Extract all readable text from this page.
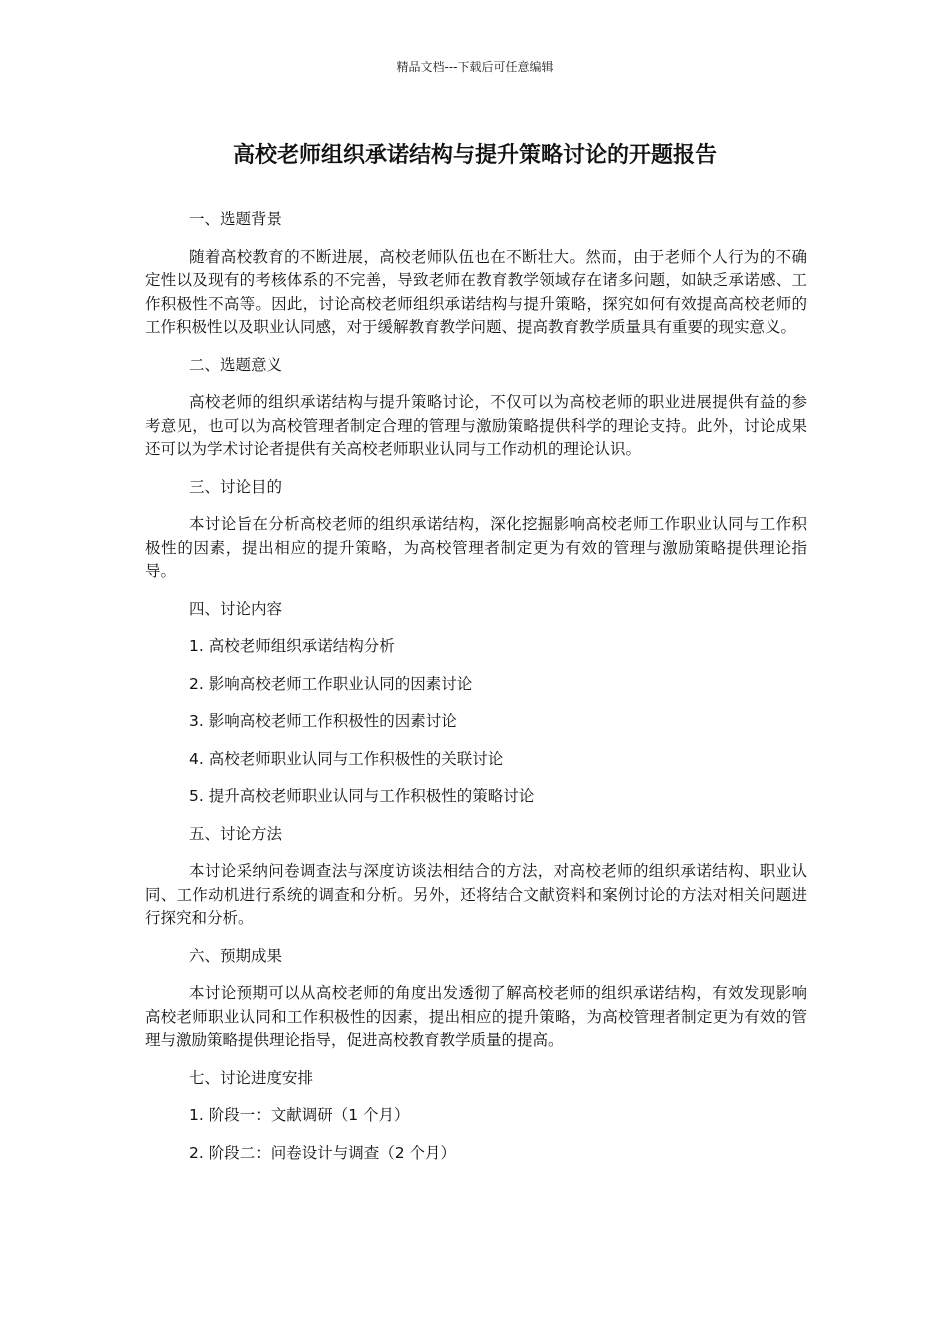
精品文档---下载后可任意编辑
高校老师组织承诺结构与提升策略讨论的开题报告

一、选题背景

随着高校教育的不断进展，高校老师队伍也在不断壮大。然而，由于老师个人行为的不确定性以及现有的考核体系的不完善，导致老师在教育教学领域存在诸多问题，如缺乏承诺感、工作积极性不高等。因此，讨论高校老师组织承诺结构与提升策略，探究如何有效提高高校老师的工作积极性以及职业认同感，对于缓解教育教学问题、提高教育教学质量具有重要的现实意义。

二、选题意义

高校老师的组织承诺结构与提升策略讨论，不仅可以为高校老师的职业进展提供有益的参考意见，也可以为高校管理者制定合理的管理与激励策略提供科学的理论支持。此外，讨论成果还可以为学术讨论者提供有关高校老师职业认同与工作动机的理论认识。

三、讨论目的

本讨论旨在分析高校老师的组织承诺结构，深化挖掘影响高校老师工作职业认同与工作积极性的因素，提出相应的提升策略，为高校管理者制定更为有效的管理与激励策略提供理论指导。

四、讨论内容

1. 高校老师组织承诺结构分析

2. 影响高校老师工作职业认同的因素讨论

3. 影响高校老师工作积极性的因素讨论

4. 高校老师职业认同与工作积极性的关联讨论

5. 提升高校老师职业认同与工作积极性的策略讨论

五、讨论方法

本讨论采纳问卷调查法与深度访谈法相结合的方法，对高校老师的组织承诺结构、职业认同、工作动机进行系统的调查和分析。另外，还将结合文献资料和案例讨论的方法对相关问题进行探究和分析。

六、预期成果

本讨论预期可以从高校老师的角度出发透彻了解高校老师的组织承诺结构，有效发现影响高校老师职业认同和工作积极性的因素，提出相应的提升策略，为高校管理者制定更为有效的管理与激励策略提供理论指导，促进高校教育教学质量的提高。

七、讨论进度安排

1. 阶段一：文献调研（1 个月）

2. 阶段二：问卷设计与调查（2 个月）
